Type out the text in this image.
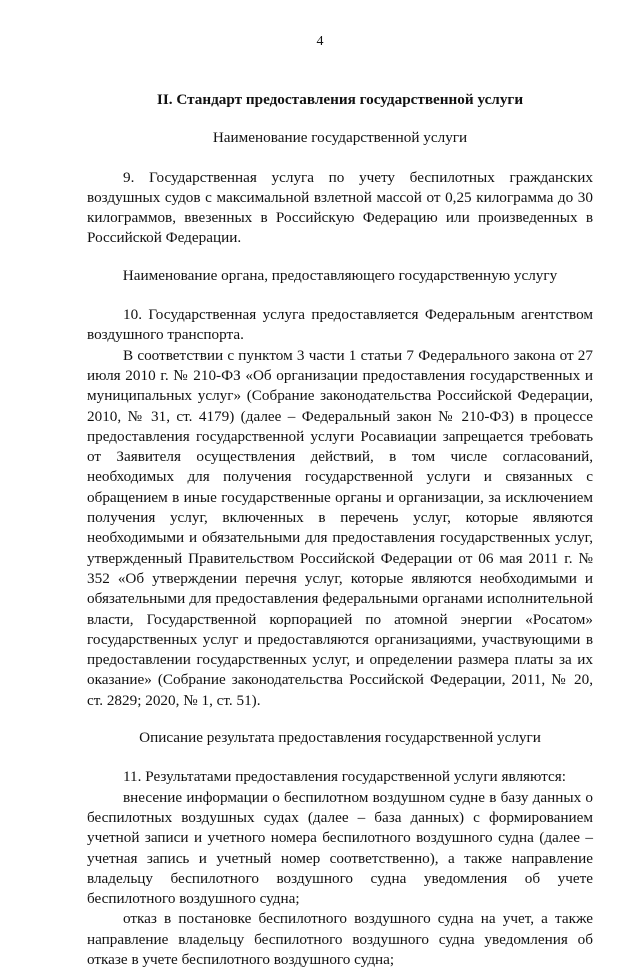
4
II. Стандарт предоставления государственной услуги
Наименование государственной услуги

9. Государственная услуга по учету беспилотных гражданских воздушных судов с максимальной взлетной массой от 0,25 килограмма до 30 килограммов, ввезенных в Российскую Федерацию или произведенных в Российской Федерации.

Наименование органа, предоставляющего государственную услугу

10. Государственная услуга предоставляется Федеральным агентством воздушного транспорта.

В соответствии с пунктом 3 части 1 статьи 7 Федерального закона от 27 июля 2010 г. № 210-ФЗ «Об организации предоставления государственных и муниципальных услуг» (Собрание законодательства Российской Федерации, 2010, № 31, ст. 4179) (далее – Федеральный закон № 210-ФЗ) в процессе предоставления государственной услуги Росавиации запрещается требовать от Заявителя осуществления действий, в том числе согласований, необходимых для получения государственной услуги и связанных с обращением в иные государственные органы и организации, за исключением получения услуг, включенных в перечень услуг, которые являются необходимыми и обязательными для предоставления государственных услуг, утвержденный Правительством Российской Федерации от 06 мая 2011 г. № 352 «Об утверждении перечня услуг, которые являются необходимыми и обязательными для предоставления федеральными органами исполнительной власти, Государственной корпорацией по атомной энергии «Росатом» государственных услуг и предоставляются организациями, участвующими в предоставлении государственных услуг, и определении размера платы за их оказание» (Собрание законодательства Российской Федерации, 2011, № 20, ст. 2829; 2020, № 1, ст. 51).

Описание результата предоставления государственной услуги

11. Результатами предоставления государственной услуги являются:

внесение информации о беспилотном воздушном судне в базу данных о беспилотных воздушных судах (далее – база данных) с формированием учетной записи и учетного номера беспилотного воздушного судна (далее – учетная запись и учетный номер соответственно), а также направление владельцу беспилотного воздушного судна уведомления об учете беспилотного воздушного судна;

отказ в постановке беспилотного воздушного судна на учет, а также направление владельцу беспилотного воздушного судна уведомления об отказе в учете беспилотного воздушного судна;
